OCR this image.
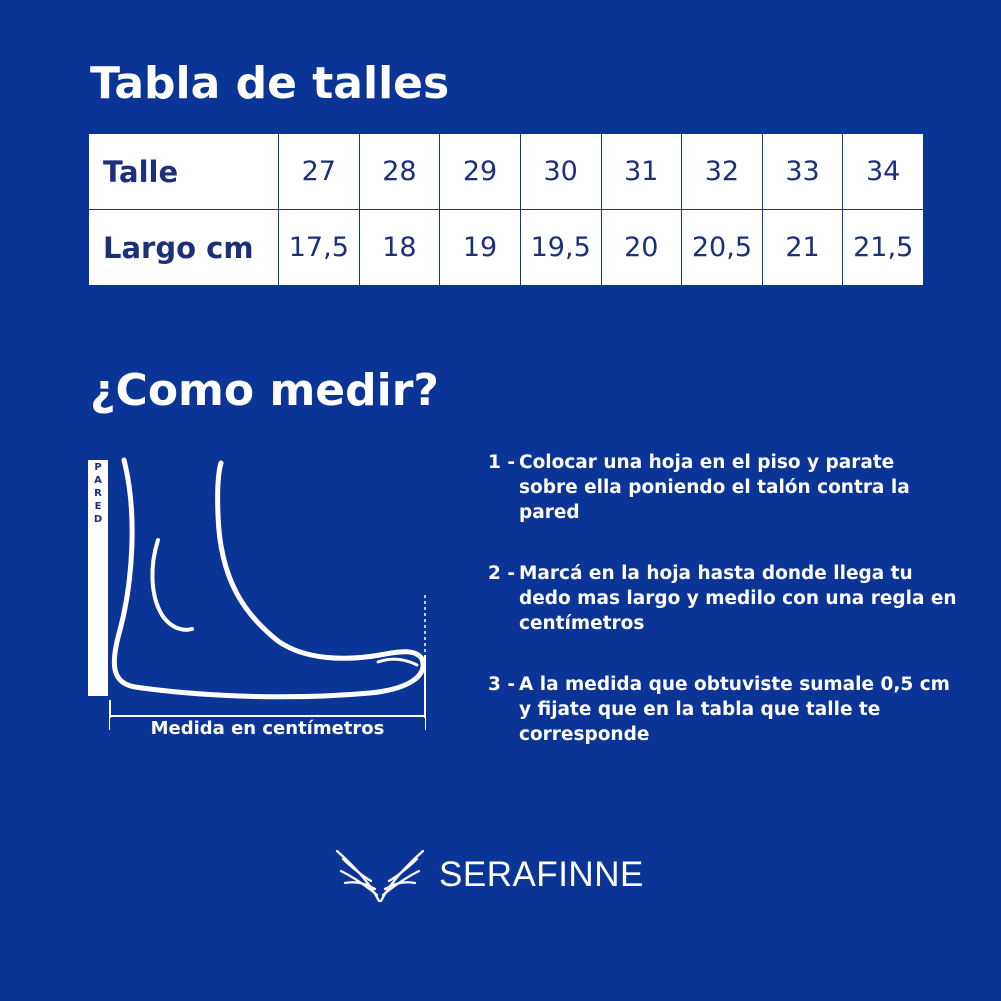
Tabla de talles
Talle	27	28	29	30	31	32	33	34
Largo cm	17,5	18	19	19,5	20	20,5	21	21,5
¿Como medir?
P
A
R
E
D
Medida en centímetros
1 - Colocar una hoja en el piso y parate sobre ella poniendo el talón contra la pared
2 - Marcá en la hoja hasta donde llega tu dedo mas largo y medilo con una regla en centímetros
3 - A la medida que obtuviste sumale 0,5 cm y fijate que en la tabla que talle te corresponde
SERAFINNE
